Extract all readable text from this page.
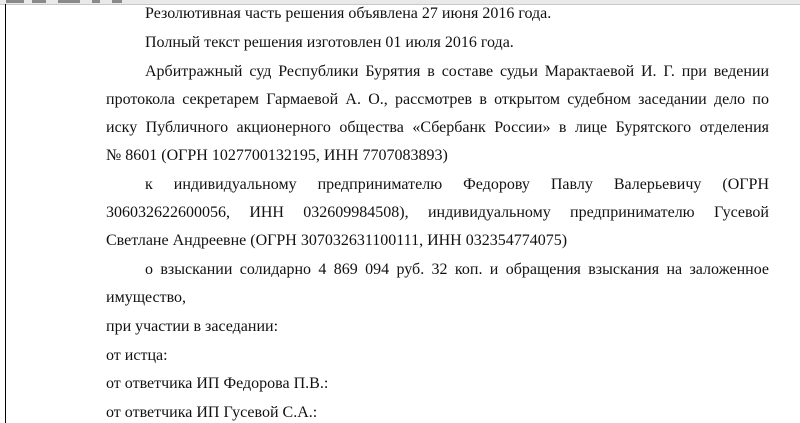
Резолютивная часть решения объявлена 27 июня 2016 года.
Полный текст решения изготовлен 01 июля 2016 года.
Арбитражный суд Республики Бурятия в составе судьи Марактаевой И. Г. при ведении
протокола секретарем Гармаевой А. О., рассмотрев в открытом судебном заседании дело по
иску Публичного акционерного общества «Сбербанк России» в лице Бурятского отделения
№ 8601 (ОГРН 1027700132195, ИНН 7707083893)
к индивидуальному предпринимателю Федорову Павлу Валерьевичу (ОГРН
306032622600056, ИНН 032609984508), индивидуальному предпринимателю Гусевой
Светлане Андреевне (ОГРН 307032631100111, ИНН 032354774075)
о взыскании солидарно 4 869 094 руб. 32 коп. и обращения взыскания на заложенное
имущество,
при участии в заседании:
от истца:
от ответчика ИП Федорова П.В.:
от ответчика ИП Гусевой С.А.:
